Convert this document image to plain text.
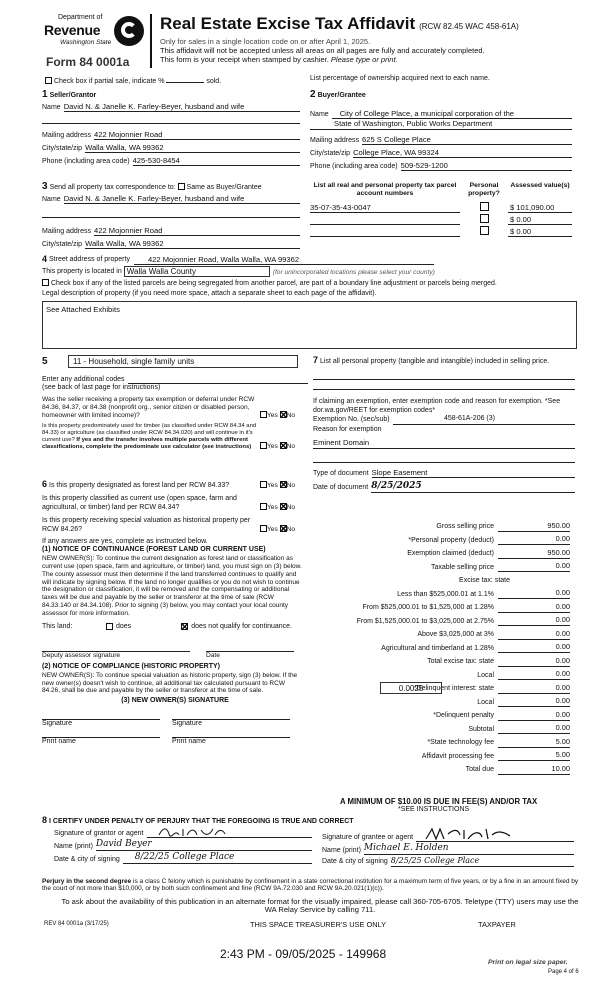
Department of
Revenue
Washington State
Form 84 0001a
Real Estate Excise Tax Affidavit (RCW 82.45 WAC 458-61A)
Only for sales in a single location code on or after April 1, 2025.
This affidavit will not be accepted unless all areas on all pages are fully and accurately completed.
This form is your receipt when stamped by cashier. Please type or print.
Check box if partial sale, indicate %	sold.	List percentage of ownership acquired next to each name.
1 Seller/Grantor
Name David N. & Janelle K. Farley-Beyer, husband and wife
Mailing address 422 Mojonnier Road
City/state/zip Walla Walla, WA 99362
Phone (including area code) 425-530-8454
2 Buyer/Grantee
Name	City of College Place, a municipal corporation of the
State of Washington, Public Works Department
Mailing address 625 S College Place
City/state/zip College Place, WA 99324
Phone (including area code) 509-529-1200
3 Send all property tax correspondence to: Same as Buyer/Grantee
Name David N. & Janelle K. Farley-Beyer, husband and wife
Mailing address 422 Mojonnier Road
City/state/zip Walla Walla, WA 99362
List all real and personal property tax parcel account numbers
Personal property?
Assessed value(s)
35-07-35-43-0047	$ 101,090.00
$ 0.00
$ 0.00
4 Street address of property	422 Mojonnier Road, Walla Walla, WA 99362
This property is located in Walla Walla County	(for unincorporated locations please select your county)
Check box if any of the listed parcels are being segregated from another parcel, are part of a boundary line adjustment or parcels being merged.
Legal description of property (if you need more space, attach a separate sheet to each page of the affidavit).
See Attached Exhibits
5	11 - Household, single family units
Enter any additional codes
(see back of last page for instructions)
Was the seller receiving a property tax exemption or deferral under RCW 84.36, 84.37, or 84.38 (nonprofit org., senior citizen or disabled person, homeowner with limited income)?	Yes No
Is this property predominately used for timber (as classified under RCW 84.34 and 84.33) or agriculture (as classified under RCW 84.34.020) and will continue in it's current use? If yes and the transfer involves multiple parcels with different classifications, complete the predominate use calculator (see instructions)	Yes No
6 Is this property designated as forest land per RCW 84.33?	Yes No
Is this property classified as current use (open space, farm and agricultural, or timber) land per RCW 84.34?	Yes No
Is this property receiving special valuation as historical property per RCW 84.26?	Yes No
If any answers are yes, complete as instructed below.
(1) NOTICE OF CONTINUANCE (FOREST LAND OR CURRENT USE)
NEW OWNER(S): To continue the current designation as forest land or classification as current use (open space, farm and agriculture, or timber) land, you must sign on (3) below. The county assessor must then determine if the land transferred continues to qualify and will indicate by signing below. If the land no longer qualifies or you do not wish to continue the designation or classification, it will be removed and the compensating or additional taxes will be due and payable by the seller or transferor at the time of sale (RCW 84.33.140 or 84.34.108). Prior to signing (3) below, you may contact your local county assessor for more information.
This land:	does	does not qualify for continuance.
Deputy assessor signature	Date
(2) NOTICE OF COMPLIANCE (HISTORIC PROPERTY)
NEW OWNER(S): To continue special valuation as historic property, sign (3) below. If the new owner(s) doesn't wish to continue, all additional tax calculated pursuant to RCW 84.26, shall be due and payable by the seller or transferor at the time of sale.
(3) NEW OWNER(S) SIGNATURE
Signature	Signature
Print name	Print name
7 List all personal property (tangible and intangible) included in selling price.
If claiming an exemption, enter exemption code and reason for exemption. *See dor.wa.gov/REET for exemption codes*
Exemption No. (sec/sub)	458-61A-206 (3)
Reason for exemption
Eminent Domain
Type of document Slope Easement
Date of document 8/25/2025
Gross selling price	950.00
*Personal property (deduct)	0.00
Exemption claimed (deduct)	950.00
Taxable selling price	0.00
Excise tax: state
Less than $525,000.01 at 1.1%	0.00
From $525,000.01 to $1,525,000 at 1.28%	0.00
From $1,525,000.01 to $3,025,000 at 2.75%	0.00
Above $3,025,000 at 3%	0.00
Agricultural and timberland at 1.28%	0.00
Total excise tax: state	0.00
Local	0.00
*Delinquent interest: state	0.00
Local	0.00
*Delinquent penalty	0.00
Subtotal	0.00
*State technology fee	5.00
Affidavit processing fee	5.00
Total due	10.00
0.0025
A MINIMUM OF $10.00 IS DUE IN FEE(S) AND/OR TAX
*SEE INSTRUCTIONS
8 I CERTIFY UNDER PENALTY OF PERJURY THAT THE FOREGOING IS TRUE AND CORRECT
Signature of grantor or agent
Name (print) David Beyer
Date & city of signing	8/22/25 College Place
Signature of grantee or agent
Name (print) Michael E. Holden
Date & city of signing 8/25/25 College Place
Perjury in the second degree is a class C felony which is punishable by confinement in a state correctional institution for a maximum term of five years, or by a fine in an amount fixed by the court of not more than $10,000, or by both such confinement and fine (RCW 9A.72.030 and RCW 9A.20.021(1)(c)).
To ask about the availability of this publication in an alternate format for the visually impaired, please call 360-705-6705. Teletype (TTY) users may use the WA Relay Service by calling 711.
REV 84 0001a (3/17/25)	THIS SPACE TREASURER'S USE ONLY	TAXPAYER
2:43 PM - 09/05/2025 - 149968
Print on legal size paper.
Page 4 of 6
